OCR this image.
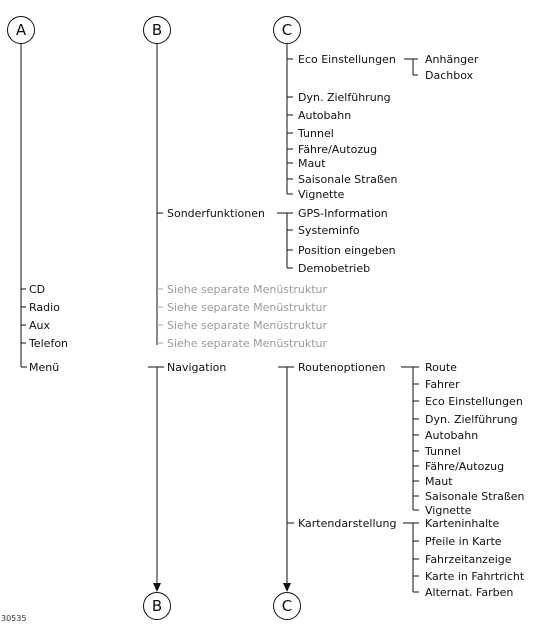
A	B	C
B	C
CD
Radio
Aux
Telefon
Menü
Sonderfunktionen
Siehe separate Menüstruktur
Siehe separate Menüstruktur
Siehe separate Menüstruktur
Siehe separate Menüstruktur
Navigation
Eco Einstellungen	Anhänger
Dachbox
Dyn. Zielführung
Autobahn
Tunnel
Fähre/Autozug
Maut
Saisonale Straßen
Vignette
GPS-Information
Systeminfo
Position eingeben
Demobetrieb
Routenoptionen	Route
Fahrer
Eco Einstellungen
Dyn. Zielführung
Autobahn
Tunnel
Fähre/Autozug
Maut
Saisonale Straßen
Vignette
Kartendarstellung	Karteninhalte
Pfeile in Karte
Fahrzeitanzeige
Karte in Fahrtricht
Alternat. Farben
30535
